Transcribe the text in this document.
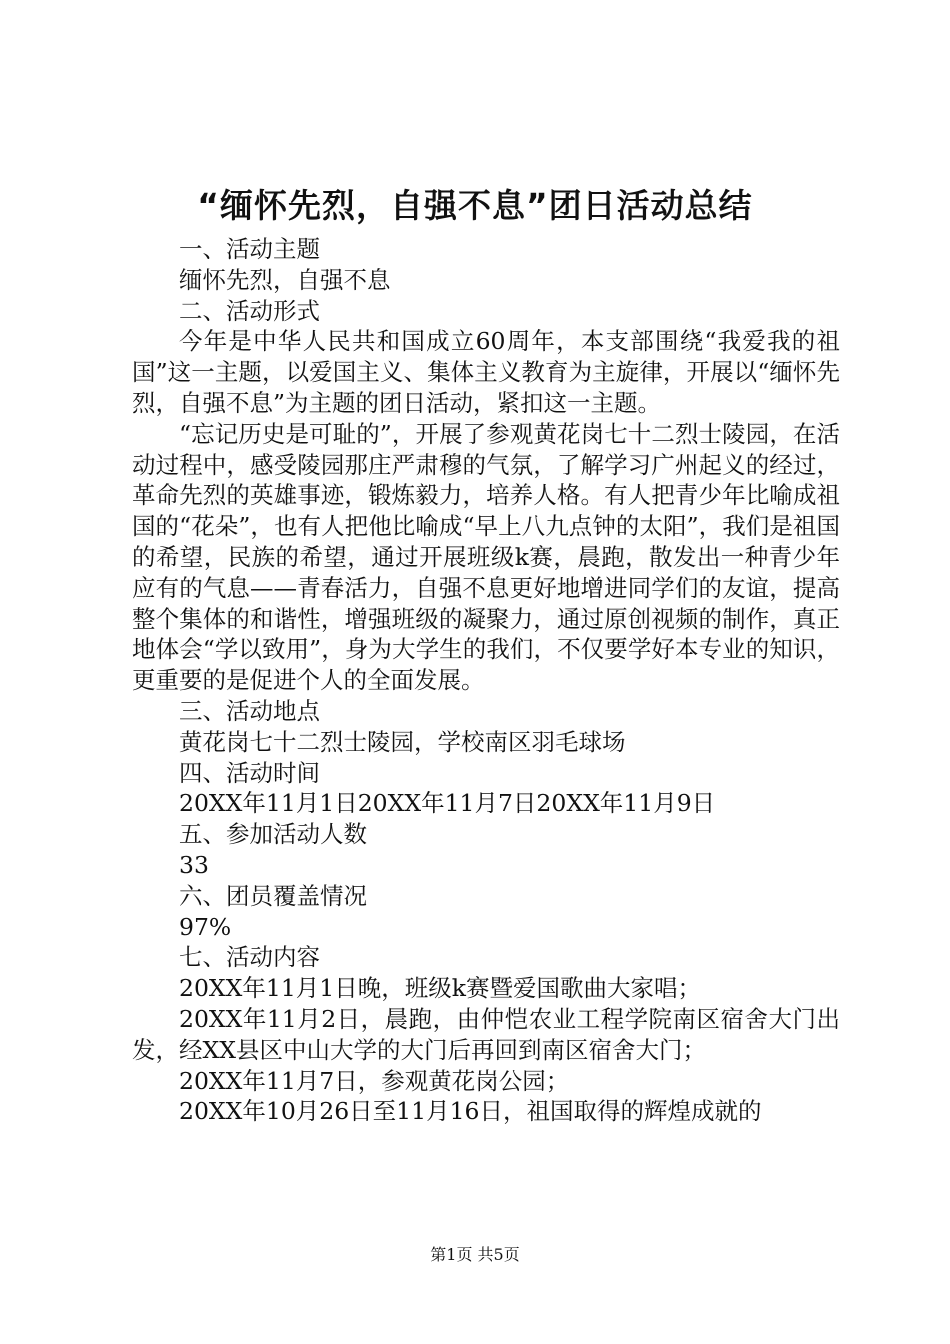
“缅怀先烈，自强不息”团日活动总结

一、活动主题

缅怀先烈，自强不息

二、活动形式

今年是中华人民共和国成立60周年，本支部围绕“我爱我的祖国”这一主题，以爱国主义、集体主义教育为主旋律，开展以“缅怀先烈，自强不息”为主题的团日活动，紧扣这一主题。

“忘记历史是可耻的”，开展了参观黄花岗七十二烈士陵园，在活动过程中，感受陵园那庄严肃穆的气氛，了解学习广州起义的经过，革命先烈的英雄事迹，锻炼毅力，培养人格。有人把青少年比喻成祖国的“花朵”，也有人把他比喻成“早上八九点钟的太阳”，我们是祖国的希望，民族的希望，通过开展班级k赛，晨跑，散发出一种青少年应有的气息——青春活力，自强不息更好地增进同学们的友谊，提高整个集体的和谐性，增强班级的凝聚力，通过原创视频的制作，真正地体会“学以致用”，身为大学生的我们，不仅要学好本专业的知识，更重要的是促进个人的全面发展。

三、活动地点

黄花岗七十二烈士陵园，学校南区羽毛球场

四、活动时间

20XX年11月1日20XX年11月7日20XX年11月9日

五、参加活动人数

33

六、团员覆盖情况

97%

七、活动内容

20XX年11月1日晚，班级k赛暨爱国歌曲大家唱；

20XX年11月2日，晨跑，由仲恺农业工程学院南区宿舍大门出发，经XX县区中山大学的大门后再回到南区宿舍大门；

20XX年11月7日，参观黄花岗公园；

20XX年10月26日至11月16日，祖国取得的辉煌成就的

第1页 共5页
